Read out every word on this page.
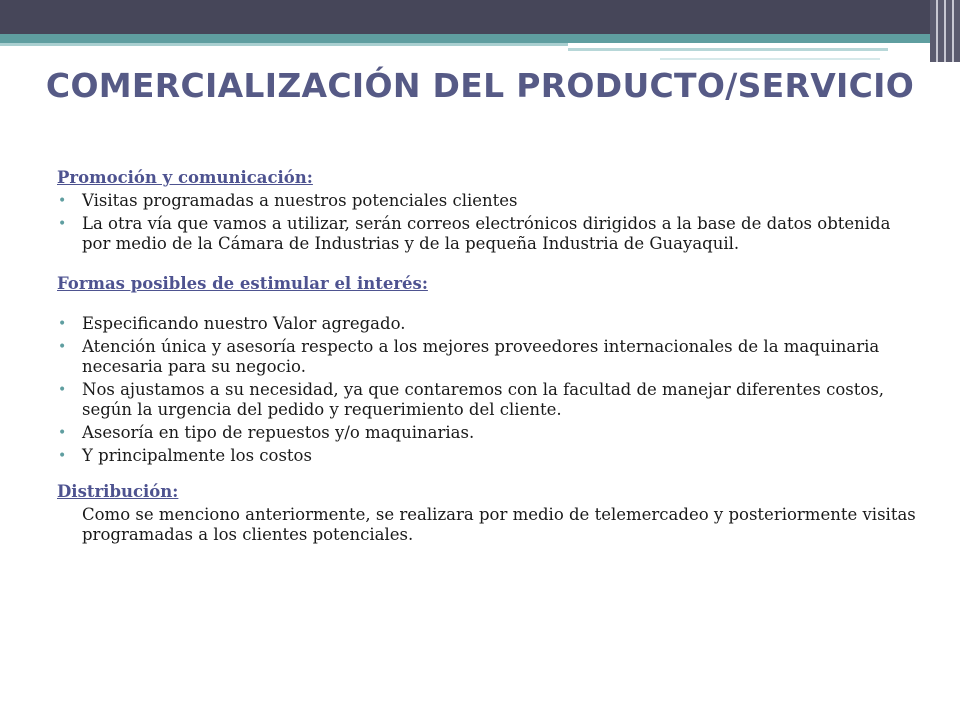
COMERCIALIZACIÓN DEL PRODUCTO/SERVICIO

Promoción y comunicación:

• Visitas programadas a nuestros potenciales clientes
• La otra vía que vamos a utilizar, serán correos electrónicos dirigidos a la base de datos obtenida por medio de la Cámara de Industrias y de la pequeña Industria de Guayaquil.

Formas posibles de estimular el interés:

• Especificando nuestro Valor agregado.
• Atención única y asesoría respecto a los mejores proveedores internacionales de la maquinaria necesaria para su negocio.
• Nos ajustamos a su necesidad, ya que contaremos con la facultad de manejar diferentes costos, según la urgencia del pedido y requerimiento del cliente.
• Asesoría en tipo de repuestos y/o maquinarias.
• Y principalmente los costos

Distribución:

Como se menciono anteriormente, se realizara por medio de telemercadeo y posteriormente visitas programadas a los clientes potenciales.
